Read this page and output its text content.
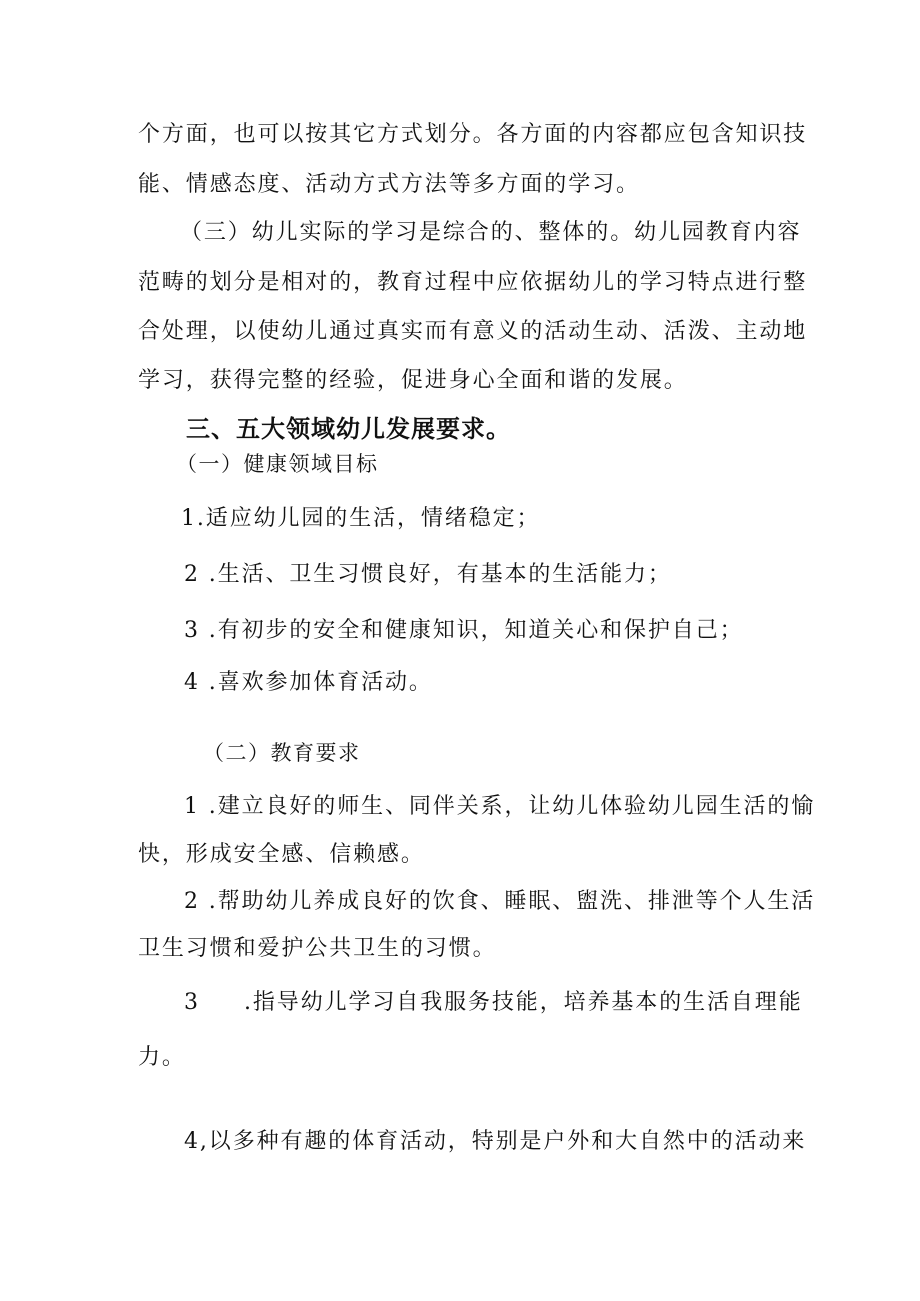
个方面，也可以按其它方式划分。各方面的内容都应包含知识技
能、情感态度、活动方式方法等多方面的学习。
（三）幼儿实际的学习是综合的、整体的。幼儿园教育内容
范畴的划分是相对的，教育过程中应依据幼儿的学习特点进行整
合处理，以使幼儿通过真实而有意义的活动生动、活泼、主动地
学习，获得完整的经验，促进身心全面和谐的发展。
三、五大领域幼儿发展要求。
（一）健康领域目标
1.适应幼儿园的生活，情绪稳定；
2 .生活、卫生习惯良好，有基本的生活能力；
3 .有初步的安全和健康知识，知道关心和保护自己；
4 .喜欢参加体育活动。
（二）教育要求
1 .建立良好的师生、同伴关系，让幼儿体验幼儿园生活的愉
快，形成安全感、信赖感。
2 .帮助幼儿养成良好的饮食、睡眠、盥洗、排泄等个人生活
卫生习惯和爱护公共卫生的习惯。
3 .指导幼儿学习自我服务技能，培养基本的生活自理能
力。
4,以多种有趣的体育活动，特别是户外和大自然中的活动来
